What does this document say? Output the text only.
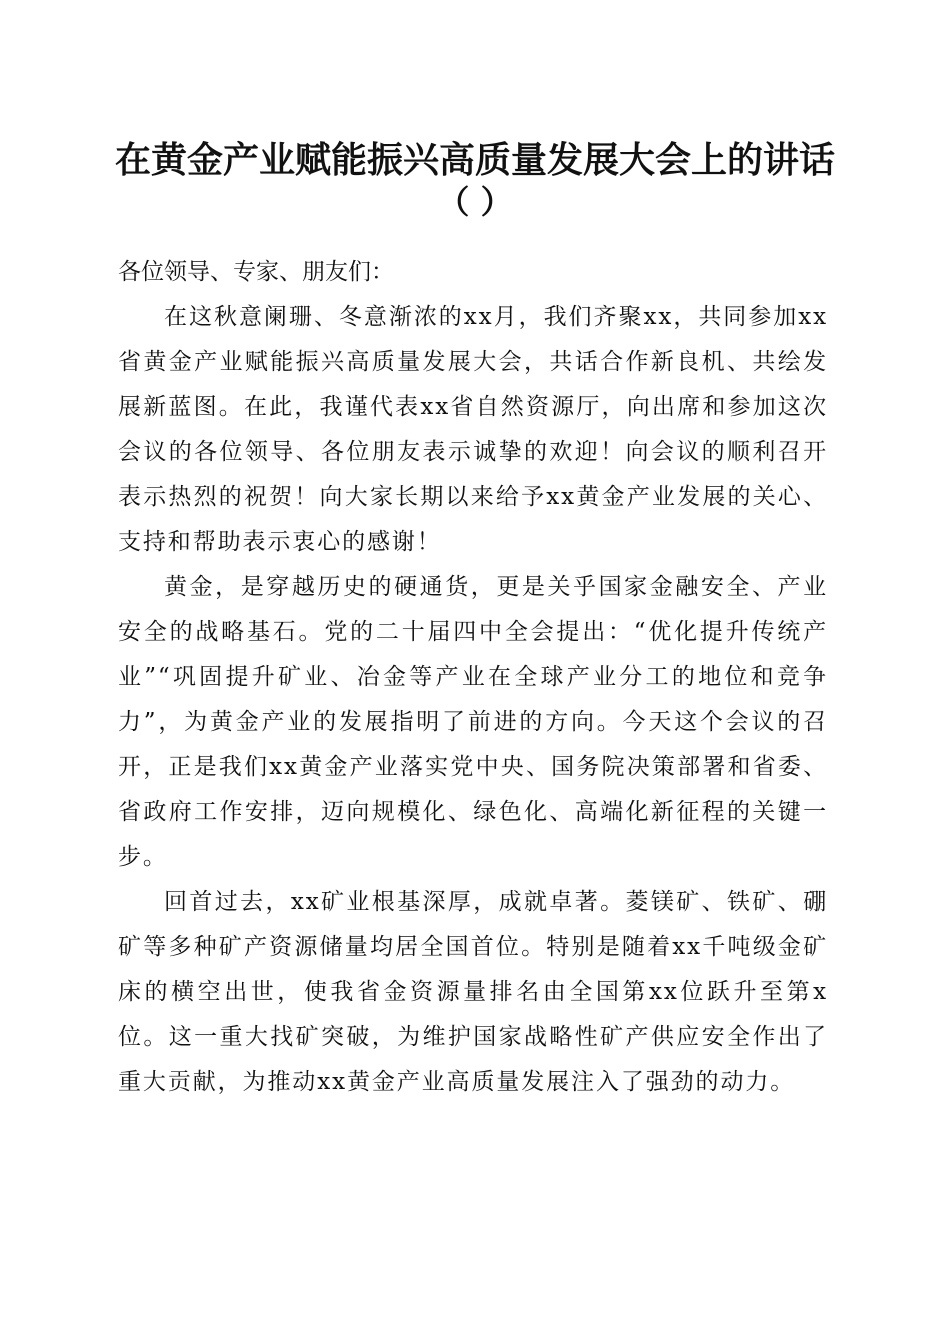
在黄金产业赋能振兴高质量发展大会上的讲话
（ ）

各位领导、专家、朋友们：

在这秋意阑珊、冬意渐浓的xx月，我们齐聚xx，共同参加xx省黄金产业赋能振兴高质量发展大会，共话合作新良机、共绘发展新蓝图。在此，我谨代表xx省自然资源厅，向出席和参加这次会议的各位领导、各位朋友表示诚挚的欢迎！向会议的顺利召开表示热烈的祝贺！向大家长期以来给予xx黄金产业发展的关心、支持和帮助表示衷心的感谢！

黄金，是穿越历史的硬通货，更是关乎国家金融安全、产业安全的战略基石。党的二十届四中全会提出：“优化提升传统产业”“巩固提升矿业、冶金等产业在全球产业分工的地位和竞争力”，为黄金产业的发展指明了前进的方向。今天这个会议的召开，正是我们xx黄金产业落实党中央、国务院决策部署和省委、省政府工作安排，迈向规模化、绿色化、高端化新征程的关键一步。

回首过去，xx矿业根基深厚，成就卓著。菱镁矿、铁矿、硼矿等多种矿产资源储量均居全国首位。特别是随着xx千吨级金矿床的横空出世，使我省金资源量排名由全国第xx位跃升至第x位。这一重大找矿突破，为维护国家战略性矿产供应安全作出了重大贡献，为推动xx黄金产业高质量发展注入了强劲的动力。
